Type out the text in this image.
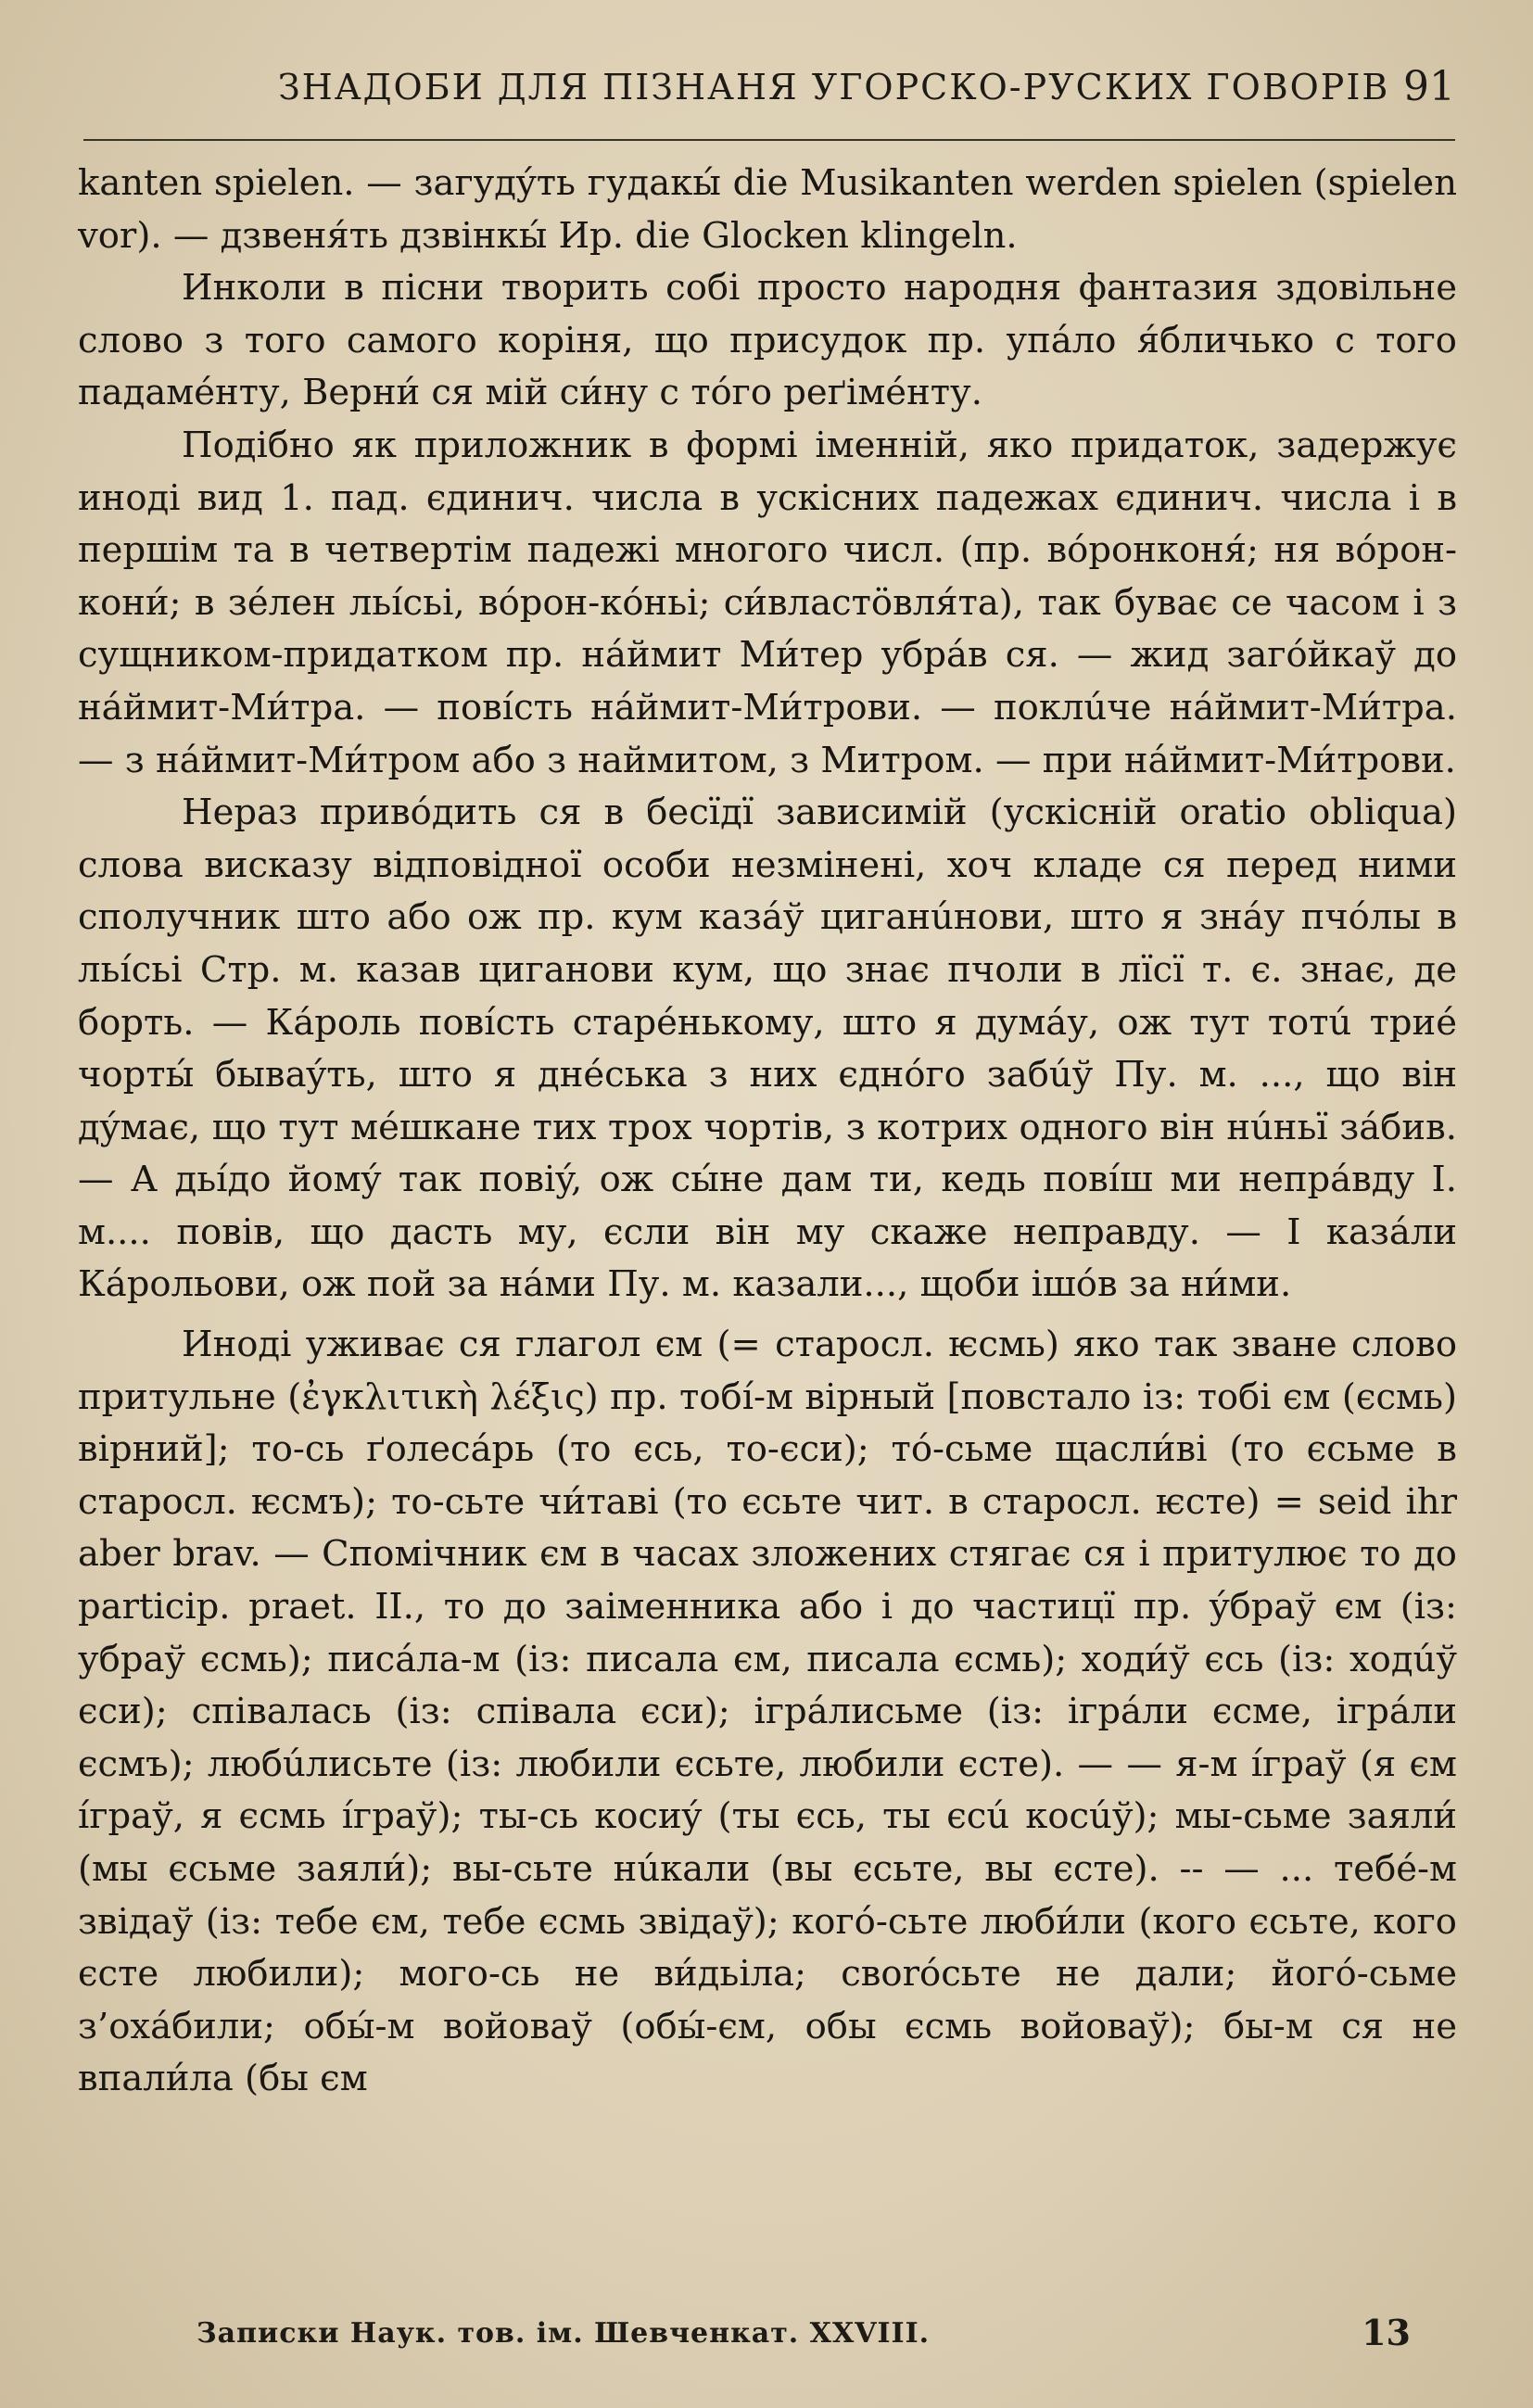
ЗНАДОБИ ДЛЯ ПІЗНАНЯ УГОРСКО-РУСКИХ ГОВОРІВ 91

kanten spielen. — загудýть гудакы́ die Musikanten werden spielen (spielen vor). — дзвеня́ть дзвінкы́ Ир. die Glocken klingeln.

Инколи в пісни творить собі просто народня фантазия здовільне слово з того самого коріня, що присудок пр. упáло я́бличько с того падамéнту, Верни́ ся мій си́ну с тóго реґімéнту.

Подібно як приложник в формі іменній, яко придаток, задержує иноді вид 1. пад. єдинич. числа в ускісних падежах єдинич. числа і в першім та в четвертім падежі многого числ. (пр. вóронконя́; ня вóрон-кони́; в зéлен льі́сьі, вóрон-кóньі; си́властöвля́та), так буває се часом і з сущником-придатком пр. нáймит Ми́тер убрáв ся. — жид загóйкаў до нáймит-Ми́тра. — повíсть нáймит-Ми́трови. — поклúче нáймит-Ми́тра. — з нáймит-Ми́тром або з наймитом, з Митром. — при нáймит-Ми́трови.

Нераз привóдить ся в бесїдї зависимій (ускісній oratio obliqua) слова висказу відповідної особи незмінені, хоч кладе ся перед ними сполучник што або ож пр. кум казáў циганúнови, што я знáу пчóлы в льі́сьі Стр. м. казав циганови кум, що знає пчоли в лїсї т. є. знає, де борть. — Кáроль повíсть старéнькому, што я думáу, ож тут тотú триé чорты́ бываýть, што я днéська з них єднóго забúў Пу. м. ..., що він дýмає, що тут мéшкане тих трох чортів, з котрих одного він нúньї зáбив. — А дьі́до йомý так повіý, ож сы́не дам ти, кедь повíш ми непрáвду І. м.... повів, що дасть му, єсли він му скаже неправду. — І казáли Кáрольови, ож пой за нáми Пу. м. казали..., щоби ішóв за ни́ми.

Иноді уживає ся глагол єм (= старосл. ѥсмь) яко так зване слово притульне (ἐγκλιτικὴ λέξις) пр. тобі́-м вірный [повстало із: тобі єм (єсмь) вірний]; то-сь ґолесáрь (то єсь, то-єси); тó-сьме щасли́ві (то єсьме в старосл. ѥсмъ); то-сьте чи́таві (то єсьте чит. в старосл. ѥсте) = seid ihr aber brav. — Спомічник єм в часах зложених стягає ся і притулює то до particip. praet. II., то до заіменника або і до частицї пр. ýбраў єм (із: убраў єсмь); писáла-м (із: писала єм, писала єсмь); ходи́ў єсь (із: ходúў єси); співалась (із: співала єси); ігрáлисьме (із: ігрáли єсме, ігрáли єсмъ); любúлисьте (із: любили єсьте, любили єсте). — — я-м íграў (я єм íграў, я єсмь íграў); ты-сь косиý (ты єсь, ты єсú косúў); мы-сьме заяли́ (мы єсьме заяли́); вы-сьте нúкали (вы єсьте, вы єсте). -- — ... тебé-м звідаў (із: тебе єм, тебе єсмь звідаў); когó-сьте люби́ли (кого єсьте, кого єсте любили); мого-сь не ви́дьіла; своróсьте не дали; йогó-сьме з’охáбили; обы́-м войоваў (обы́-єм, обы єсмь войоваў); бы-м ся не впали́ла (бы єм

Записки Наук. тов. ім. Шевченкат. XXVIII.	13
